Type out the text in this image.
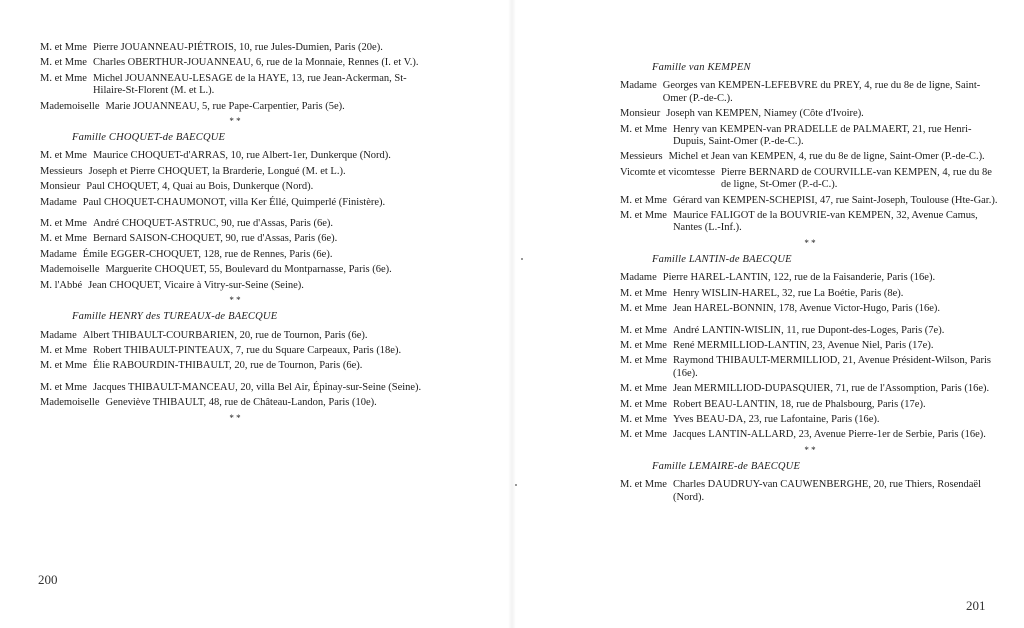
M. et Mme Pierre JOUANNEAU-PIÉTROIS, 10, rue Jules-Dumien, Paris (20e).
M. et Mme Charles OBERTHUR-JOUANNEAU, 6, rue de la Monnaie, Rennes (I. et V.).
M. et Mme Michel JOUANNEAU-LESAGE de la HAYE, 13, rue Jean-Ackerman, St-Hilaire-St-Florent (M. et L.).
Mademoiselle Marie JOUANNEAU, 5, rue Pape-Carpentier, Paris (5e).
* *
Famille CHOQUET-de BAECQUE
M. et Mme Maurice CHOQUET-d'ARRAS, 10, rue Albert-1er, Dunkerque (Nord).
Messieurs Joseph et Pierre CHOQUET, la Brarderie, Longué (M. et L.).
Monsieur Paul CHOQUET, 4, Quai au Bois, Dunkerque (Nord).
Madame Paul CHOQUET-CHAUMONOT, villa Ker Éllé, Quimperlé (Finistère).
M. et Mme André CHOQUET-ASTRUC, 90, rue d'Assas, Paris (6e).
M. et Mme Bernard SAISON-CHOQUET, 90, rue d'Assas, Paris (6e).
Madame Émile EGGER-CHOQUET, 128, rue de Rennes, Paris (6e).
Mademoiselle Marguerite CHOQUET, 55, Boulevard du Montparnasse, Paris (6e).
M. l'Abbé Jean CHOQUET, Vicaire à Vitry-sur-Seine (Seine).
* *
Famille HENRY des TUREAUX-de BAECQUE
Madame Albert THIBAULT-COURBARIEN, 20, rue de Tournon, Paris (6e).
M. et Mme Robert THIBAULT-PINTEAUX, 7, rue du Square Carpeaux, Paris (18e).
M. et Mme Élie RABOURDIN-THIBAULT, 20, rue de Tournon, Paris (6e).
M. et Mme Jacques THIBAULT-MANCEAU, 20, villa Bel Air, Épinay-sur-Seine (Seine).
Mademoiselle Geneviève THIBAULT, 48, rue de Château-Landon, Paris (10e).
* *
200
Famille van KEMPEN
Madame Georges van KEMPEN-LEFEBVRE du PREY, 4, rue du 8e de ligne, Saint-Omer (P.-de-C.).
Monsieur Joseph van KEMPEN, Niamey (Côte d'Ivoire).
M. et Mme Henry van KEMPEN-van PRADELLE de PALMAERT, 21, rue Henri-Dupuis, Saint-Omer (P.-de-C.).
Messieurs Michel et Jean van KEMPEN, 4, rue du 8e de ligne, Saint-Omer (P.-de-C.).
Vicomte et vicomtesse Pierre BERNARD de COURVILLE-van KEMPEN, 4, rue du 8e de ligne, St-Omer (P.-d-C.).
M. et Mme Gérard van KEMPEN-SCHEPISI, 47, rue Saint-Joseph, Toulouse (Hte-Gar.).
M. et Mme Maurice FALIGOT de la BOUVRIE-van KEMPEN, 32, Avenue Camus, Nantes (L.-Inf.).
* *
Famille LANTIN-de BAECQUE
Madame Pierre HAREL-LANTIN, 122, rue de la Faisanderie, Paris (16e).
M. et Mme Henry WISLIN-HAREL, 32, rue La Boétie, Paris (8e).
M. et Mme Jean HAREL-BONNIN, 178, Avenue Victor-Hugo, Paris (16e).
M. et Mme André LANTIN-WISLIN, 11, rue Dupont-des-Loges, Paris (7e).
M. et Mme René MERMILLIOD-LANTIN, 23, Avenue Niel, Paris (17e).
M. et Mme Raymond THIBAULT-MERMILLIOD, 21, Avenue Président-Wilson, Paris (16e).
M. et Mme Jean MERMILLIOD-DUPASQUIER, 71, rue de l'Assomption, Paris (16e).
M. et Mme Robert BEAU-LANTIN, 18, rue de Phalsbourg, Paris (17e).
M. et Mme Yves BEAU-DA, 23, rue Lafontaine, Paris (16e).
M. et Mme Jacques LANTIN-ALLARD, 23, Avenue Pierre-1er de Serbie, Paris (16e).
* *
Famille LEMAIRE-de BAECQUE
M. et Mme Charles DAUDRUY-van CAUWENBERGHE, 20, rue Thiers, Rosendaël (Nord).
201
